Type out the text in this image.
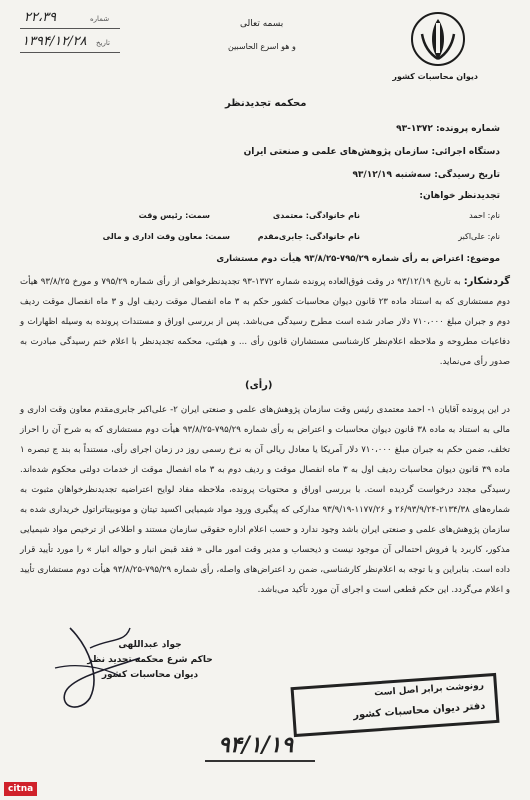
دیوان محاسبات کشور
بسمه تعالی
و هو اسرع الحاسبین
شماره
۲۲،۳۹
تاریخ
۱۳۹۴/۱۲/۲۸
محکمه تجدیدنظر
شماره پرونده: ۱۳۷۲-۹۳
دستگاه اجرائی: سازمان پژوهش‌های علمی و صنعتی ایران
تاریخ رسیدگی: سه‌شنبه ۹۳/۱۲/۱۹
تجدیدنظر خواهان:
نام: احمد
نام خانوادگی: معتمدی
سمت: رئیس وقت
نام: علی‌اکبر
نام خانوادگی: جابری‌مقدم
سمت: معاون وقت اداری و مالی
موضوع: اعتراض به رأی شماره ۷۹۵/۲۹-۹۳/۸/۲۵ هیأت دوم مستشاری

گردشکار: به تاریخ ۹۳/۱۲/۱۹ در وقت فوق‌العاده پرونده شماره ۱۳۷۲-۹۳ تجدیدنظرخواهی از رأی شماره ۷۹۵/۲۹ و مورخ ۹۳/۸/۲۵ هیأت دوم مستشاری که به استناد ماده ۲۳ قانون دیوان محاسبات کشور حکم به ۳ ماه انفصال موقت ردیف اول و ۳ ماه انفصال موقت ردیف دوم و جبران مبلغ ۷۱۰،۰۰۰ دلار صادر شده است مطرح رسیدگی می‌باشد. پس از بررسی اوراق و مستندات پرونده به وسیله اظهارات و دفاعیات مطروحه و ملاحظه اعلام‌نظر کارشناسی مستشاران قانون رأی ... و هیئتی، محکمه تجدیدنظر با اعلام ختم رسیدگی مبادرت به صدور رأی می‌نماید.

(رأی)

در این پرونده آقایان ۱- احمد معتمدی رئیس وقت سازمان پژوهش‌های علمی و صنعتی ایران ۲- علی‌اکبر جابری‌مقدم معاون وقت اداری و مالی به استناد به ماده ۳۸ قانون دیوان محاسبات و اعتراض به رأی شماره ۷۹۵/۲۹-۹۳/۸/۲۵ هیأت دوم مستشاری که به شرح آن را احراز تخلف، ضمن حکم به جبران مبلغ ۷۱۰،۰۰۰ دلار آمریکا یا معادل ریالی آن به نرخ رسمی روز در زمان اجرای رأی، مستنداً به بند ج تبصره ۱ ماده ۳۹ قانون دیوان محاسبات ردیف اول به ۳ ماه انفصال موقت و ردیف دوم به ۳ ماه انفصال موقت از خدمات دولتی محکوم شده‌اند. رسیدگی مجدد درخواست گردیده است. با بررسی اوراق و محتویات پرونده، ملاحظه مفاد لوایح اعتراضیه تجدیدنظرخواهان مثبوت به شماره‌های ۲۱۳۴/۳۸-۲۶/۹۳/۹/۲۴ و ۱۱۷۷/۲۶-۹۳/۹/۱۹ مدارکی که پیگیری ورود مواد شیمیایی اکسید تیتان و مونوبیتاتراتول خریداری شده به سازمان پژوهش‌های علمی و صنعتی ایران باشد وجود ندارد و حسب اعلام اداره حقوقی سازمان مستند و اطلاعی از ترخیص مواد شیمیایی مذکور، کاربرد یا فروش احتمالی آن موجود نیست و ذیحساب و مدیر وقت امور مالی « فقد قبض انبار و حواله انبار » را مورد تأیید قرار داده است. بنابراین و با توجه به اعلام‌نظر کارشناسی، ضمن رد اعتراض‌های واصله، رأی شماره ۷۹۵/۲۹-۹۳/۸/۲۵ هیأت دوم مستشاری تأیید و اعلام می‌گردد. این حکم قطعی است و اجرای آن مورد تأکید می‌باشد.

جواد عبداللهی
حاکم شرع محکمه تجدید نظر
دیوان محاسبات کشور
رونوشت برابر اصل است
دفتر دیوان محاسبات کشور
۹۴/۱/۱۹
citna
